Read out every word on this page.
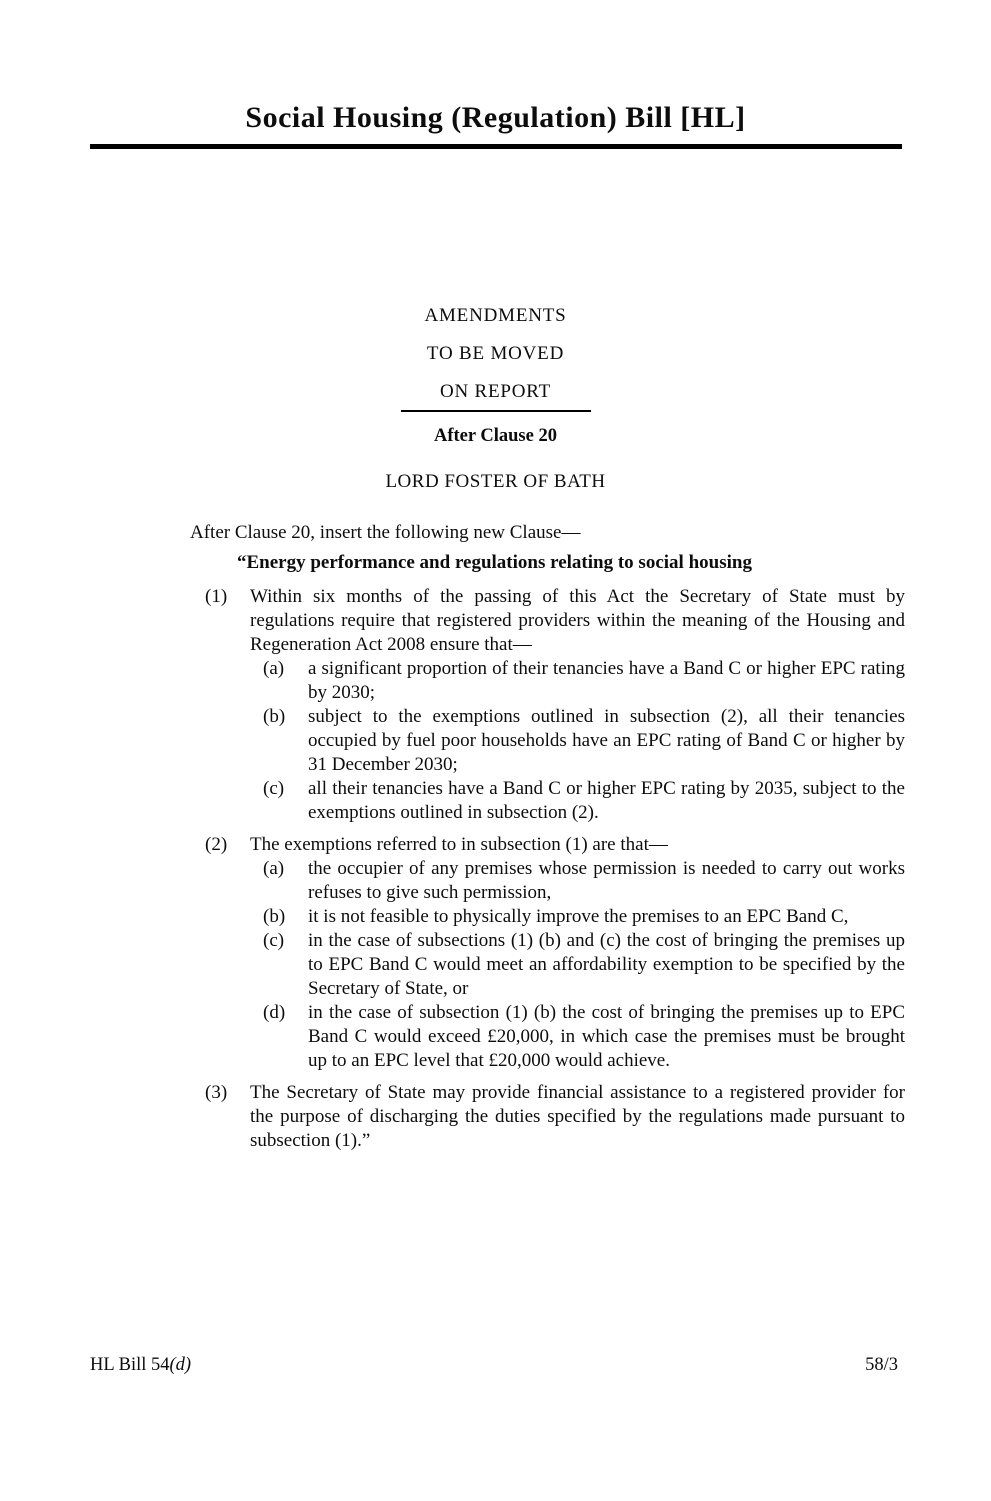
Social Housing (Regulation) Bill [HL]
AMENDMENTS
TO BE MOVED
ON REPORT
After Clause 20
LORD FOSTER OF BATH

After Clause 20, insert the following new Clause—

“Energy performance and regulations relating to social housing

(1) Within six months of the passing of this Act the Secretary of State must by regulations require that registered providers within the meaning of the Housing and Regeneration Act 2008 ensure that—
(a) a significant proportion of their tenancies have a Band C or higher EPC rating by 2030;
(b) subject to the exemptions outlined in subsection (2), all their tenancies occupied by fuel poor households have an EPC rating of Band C or higher by 31 December 2030;
(c) all their tenancies have a Band C or higher EPC rating by 2035, subject to the exemptions outlined in subsection (2).
(2) The exemptions referred to in subsection (1) are that—
(a) the occupier of any premises whose permission is needed to carry out works refuses to give such permission,
(b) it is not feasible to physically improve the premises to an EPC Band C,
(c) in the case of subsections (1) (b) and (c) the cost of bringing the premises up to EPC Band C would meet an affordability exemption to be specified by the Secretary of State, or
(d) in the case of subsection (1) (b) the cost of bringing the premises up to EPC Band C would exceed £20,000, in which case the premises must be brought up to an EPC level that £20,000 would achieve.
(3) The Secretary of State may provide financial assistance to a registered provider for the purpose of discharging the duties specified by the regulations made pursuant to subsection (1).”
HL Bill 54(d)	58/3
